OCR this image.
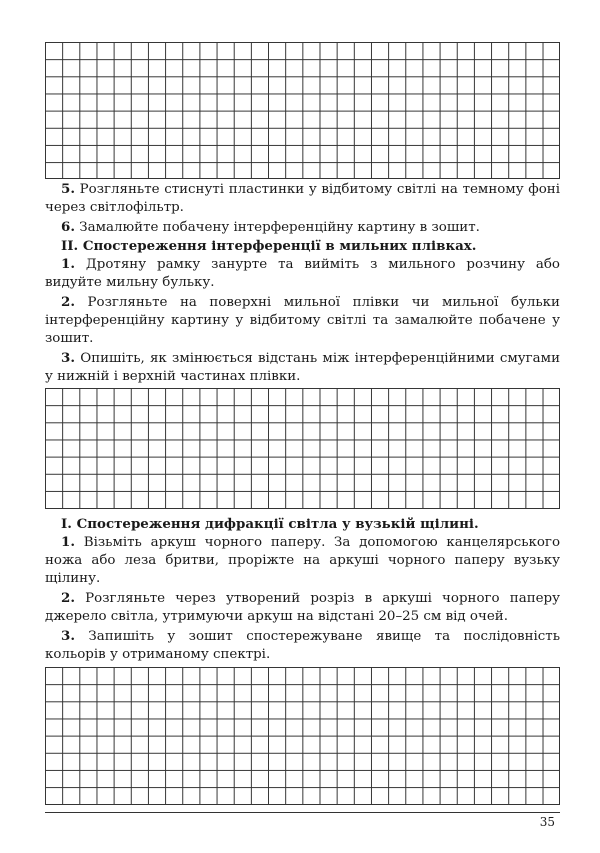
5. Розгляньте стиснуті пластинки у відбитому світлі на темному фоні через світлофільтр.

6. Замалюйте побачену інтерференційну картину в зошит.

ІІ. Спостереження інтерференції в мильних плівках.

1. Дротяну рамку занурте та вийміть з мильного розчину або видуйте мильну бульку.

2. Розгляньте на поверхні мильної плівки чи мильної бульки інтерференційну картину у відбитому світлі та замалюйте побачене у зошит.

3. Опишіть, як змінюється відстань між інтерференційними смугами у нижній і верхній частинах плівки.

І. Спостереження дифракції світла у вузькій щілині.

1. Візьміть аркуш чорного паперу. За допомогою канцелярського ножа або леза бритви, проріжте на аркуші чорного паперу вузьку щілину.

2. Розгляньте через утворений розріз в аркуші чорного паперу джерело світла, утримуючи аркуш на відстані 20–25 см від очей.

3. Запишіть у зошит спостережуване явище та послідовність кольорів у отриманому спектрі.

35
